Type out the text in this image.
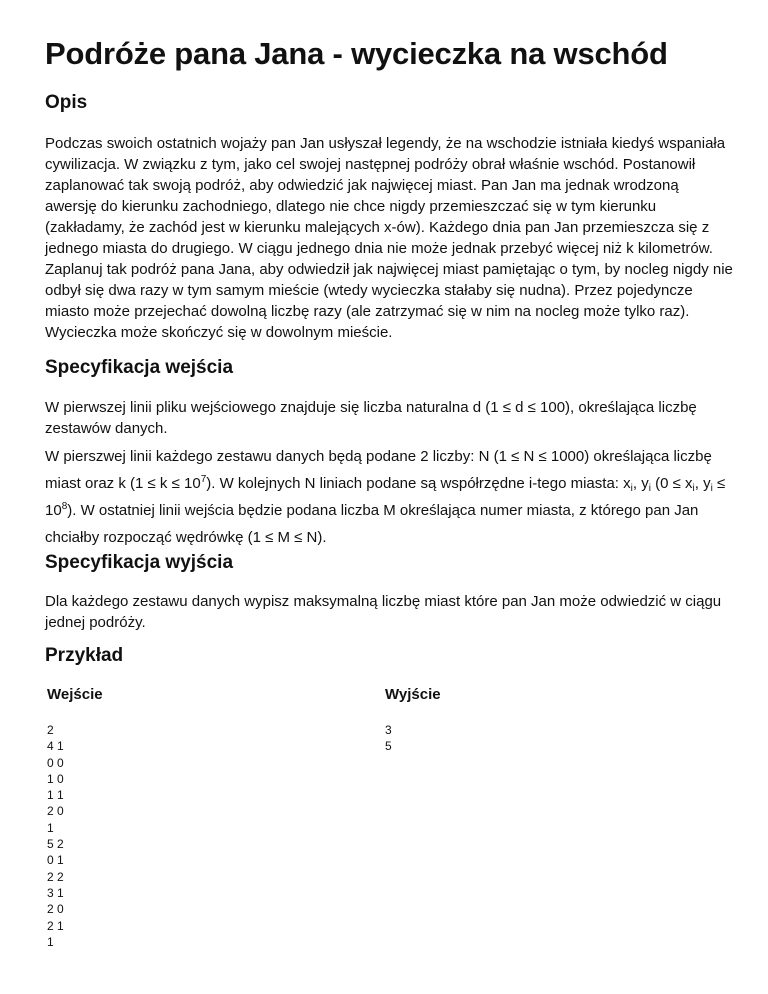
Podróże pana Jana - wycieczka na wschód
Opis

Podczas swoich ostatnich wojaży pan Jan usłyszał legendy, że na wschodzie istniała kiedyś wspaniała cywilizacja. W związku z tym, jako cel swojej następnej podróży obrał właśnie wschód. Postanowił zaplanować tak swoją podróż, aby odwiedzić jak najwięcej miast. Pan Jan ma jednak wrodzoną awersję do kierunku zachodniego, dlatego nie chce nigdy przemieszczać się w tym kierunku (zakładamy, że zachód jest w kierunku malejących x-ów). Każdego dnia pan Jan przemieszcza się z jednego miasta do drugiego. W ciągu jednego dnia nie może jednak przebyć więcej niż k kilometrów. Zaplanuj tak podróż pana Jana, aby odwiedził jak najwięcej miast pamiętając o tym, by nocleg nigdy nie odbył się dwa razy w tym samym mieście (wtedy wycieczka stałaby się nudna). Przez pojedyncze miasto może przejechać dowolną liczbę razy (ale zatrzymać się w nim na nocleg może tylko raz). Wycieczka może skończyć się w dowolnym mieście.

Specyfikacja wejścia

W pierwszej linii pliku wejściowego znajduje się liczba naturalna d (1 ≤ d ≤ 100), określająca liczbę zestawów danych.

W pierszwej linii każdego zestawu danych będą podane 2 liczby: N (1 ≤ N ≤ 1000) określająca liczbę miast oraz k $(1 \le k \le 10^7)$. W kolejnych N liniach podane są współrzędne i-tego miasta: $x_i$, $y_i$ ($0 \le x_i$, $y_i \le 10^8$). W ostatniej linii wejścia będzie podana liczba M określająca numer miasta, z którego pan Jan chciałby rozpocząć wędrówkę (1 ≤ M ≤ N).

Specyfikacja wyjścia

Dla każdego zestawu danych wypisz maksymalną liczbę miast które pan Jan może odwiedzić w ciągu jednej podróży.

Przykład
Wejście	Wyjście
2
4 1
0 0
1 0
1 1
2 0
1
5 2
0 1
2 2
3 1
2 0
2 1
1
3
5
